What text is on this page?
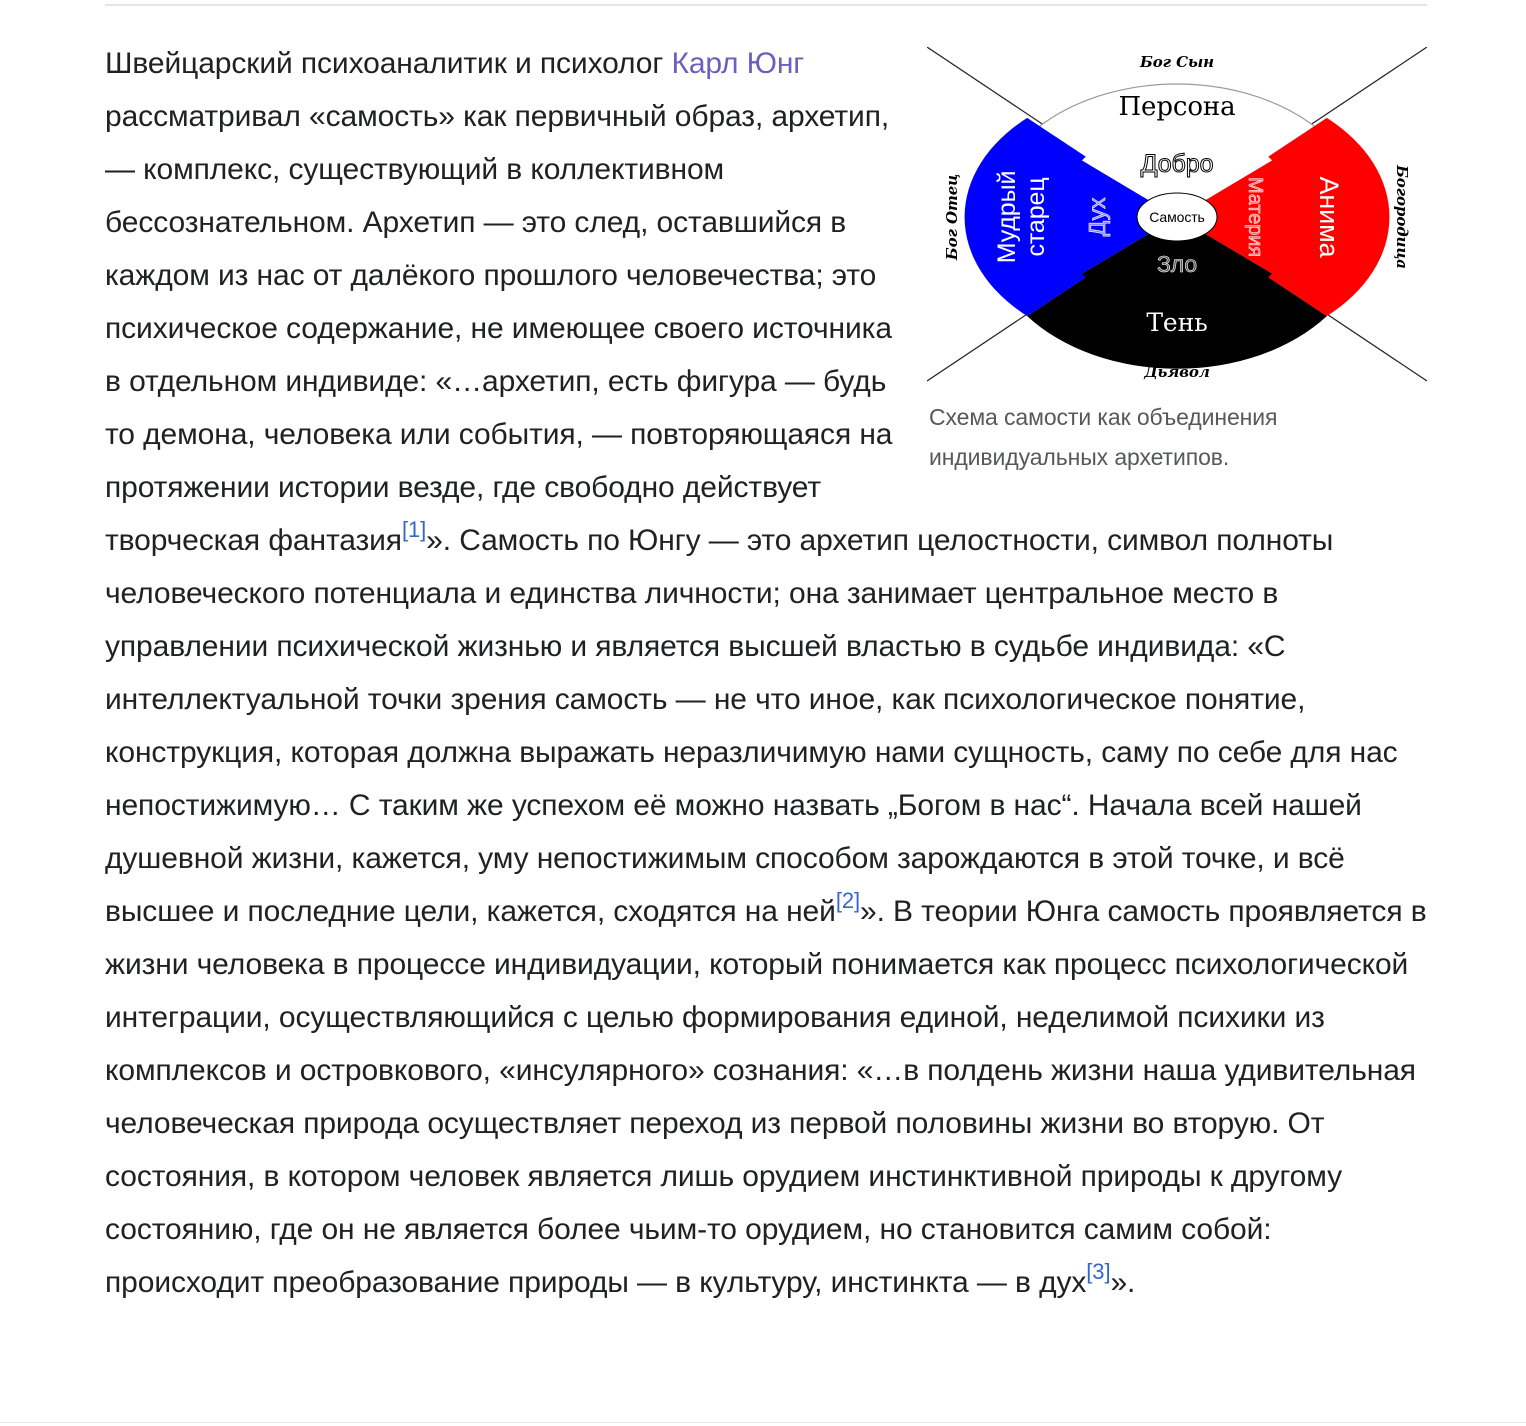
Бог Сын
Дьявол
Бог Отец	Богородица
Персона
Добро
Мудрый старец	Анима
Дух	Материя
Самость
Зло
Тень
Схема самости как объединения индивидуальных архетипов.
Швейцарский психоаналитик и психолог Карл Юнг рассматривал «самость» как первичный образ, архетип, — комплекс, существующий в коллективном бессознательном. Архетип — это след, оставшийся в каждом из нас от далёкого прошлого человечества; это психическое содержание, не имеющее своего источника в отдельном индивиде: «…архетип, есть фигура — будь то демона, человека или события, — повторяющаяся на протяжении истории везде, где свободно действует творческая фантазия[1]». Самость по Юнгу — это архетип целостности, символ полноты человеческого потенциала и единства личности; она занимает центральное место в управлении психической жизнью и является высшей властью в судьбе индивида: «С интеллектуальной точки зрения самость — не что иное, как психологическое понятие, конструкция, которая должна выражать неразличимую нами сущность, саму по себе для нас непостижимую… С таким же успехом её можно назвать „Богом в нас“. Начала всей нашей душевной жизни, кажется, уму непостижимым способом зарождаются в этой точке, и всё высшее и последние цели, кажется, сходятся на ней[2]». В теории Юнга самость проявляется в жизни человека в процессе индивидуации, который понимается как процесс психологической интеграции, осуществляющийся с целью формирования единой, неделимой психики из комплексов и островкового, «инсулярного» сознания: «…в полдень жизни наша удивительная человеческая природа осуществляет переход из первой половины жизни во вторую. От состояния, в котором человек является лишь орудием инстинктивной природы к другому состоянию, где он не является более чьим-то орудием, но становится самим собой: происходит преобразование природы — в культуру, инстинкта — в дух[3]».
